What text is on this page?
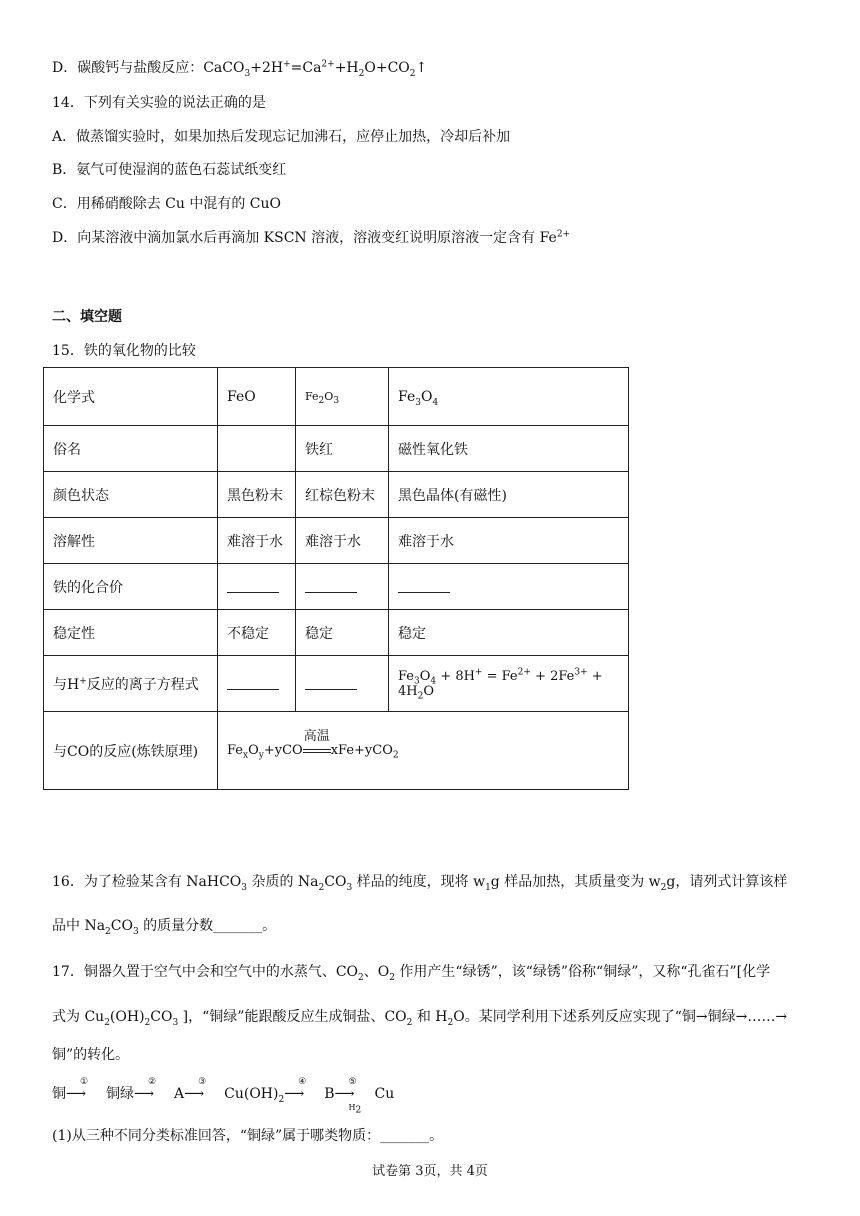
D．碳酸钙与盐酸反应：$CaCO_3+2H^+=Ca^{2+}+H_2O+CO_2↑$
14．下列有关实验的说法正确的是
A．做蒸馏实验时，如果加热后发现忘记加沸石，应停止加热，冷却后补加
B．氨气可使湿润的蓝色石蕊试纸变红
C．用稀硝酸除去 Cu 中混有的 CuO
D．向某溶液中滴加氯水后再滴加 KSCN 溶液，溶液变红说明原溶液一定含有 $Fe^{2+}$
二、填空题
15．铁的氧化物的比较
化学式	FeO	$Fe_2O_3$	$Fe_3O_4$
俗名		铁红	磁性氧化铁
颜色状态	黑色粉末	红棕色粉末	黑色晶体(有磁性)
溶解性	难溶于水	难溶于水	难溶于水
铁的化合价			
稳定性	不稳定	稳定	稳定
与H+反应的离子方程式			$Fe_3O_4 + 8H^+ = Fe^{2+} + 2Fe^{3+} + 4H_2O$
与CO的反应(炼铁原理)	$Fe_xO_y+yCO$
高温
xFe+yCO$_2$
16．为了检验某含有 NaHCO$_3$ 杂质的 $Na_2CO_3$ 样品的纯度，现将 $w_1g$ 样品加热，其质量变为 $w_2g$，请列式计算该样
品中 $Na_2CO_3$ 的质量分数_______。
17．铜器久置于空气中会和空气中的水蒸气、$CO_2$、$O_2$ 作用产生“绿锈”，该“绿锈”俗称“铜绿”，又称“孔雀石”[化学
式为 $Cu_2(OH)_2CO_3$ ]，“铜绿”能跟酸反应生成铜盐、$CO_2$ 和 $H_2O$。某同学利用下述系列反应实现了“铜→铜绿→……→
铜”的转化。
铜
①
⟶ 铜绿
②
⟶ A
③
⟶ $Cu(OH)_2$
④
⟶ B
⑤
⟶
$H_2$
Cu
(1)从三种不同分类标准回答，“铜绿”属于哪类物质：_______。
试卷第 3页，共 4页
